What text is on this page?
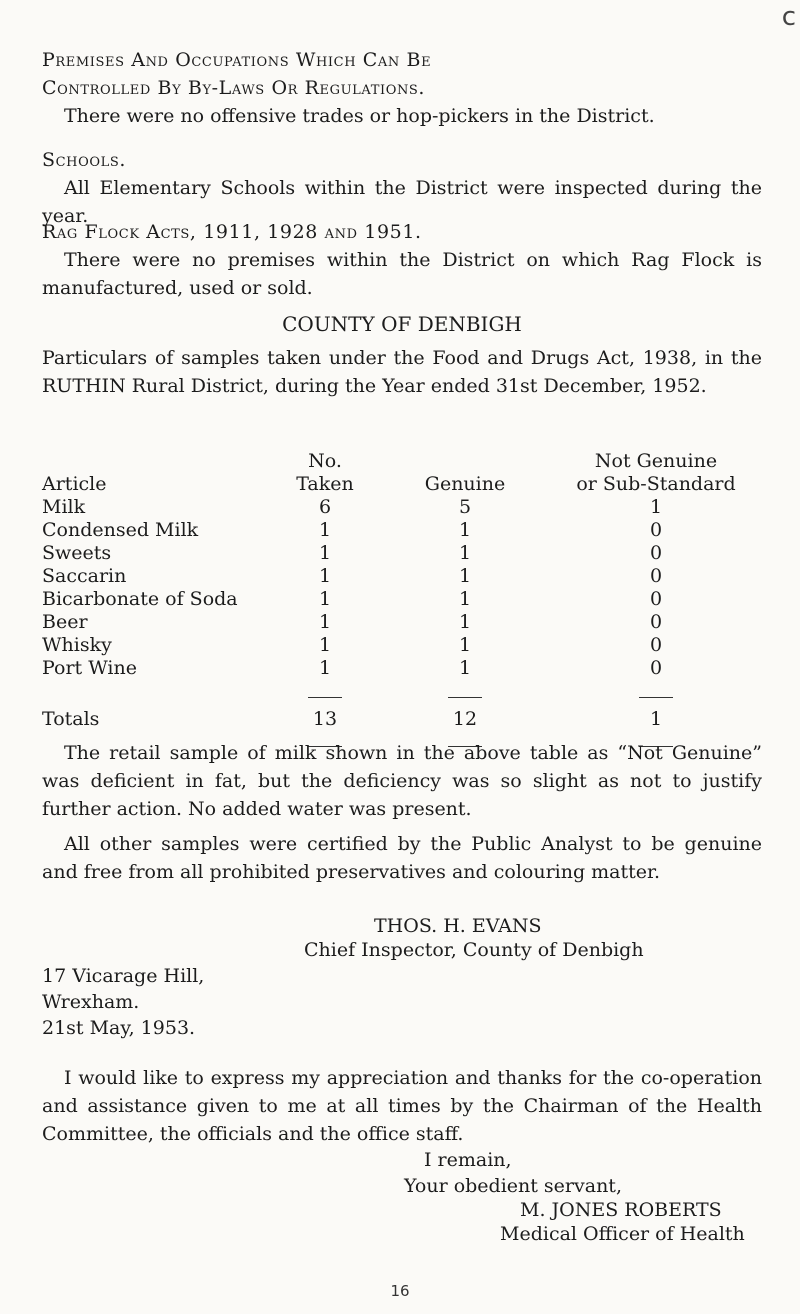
c
Premises And Occupations Which Can Be
Controlled By By-Laws Or Regulations.
There were no offensive trades or hop-pickers in the District.
Schools.
All Elementary Schools within the District were inspected during the year.
Rag Flock Acts, 1911, 1928 and 1951.
There were no premises within the District on which Rag Flock is manufactured, used or sold.
COUNTY OF DENBIGH
Particulars of samples taken under the Food and Drugs Act, 1938, in the RUTHIN Rural District, during the Year ended 31st December, 1952.
	No.		Not Genuine
Article	Taken	Genuine	or Sub-Standard
Milk	6	5	1
Condensed Milk	1	1	0
Sweets	1	1	0
Saccarin	1	1	0
Bicarbonate of Soda	1	1	0
Beer	1	1	0
Whisky	1	1	0
Port Wine	1	1	0

Totals	13	12	1

The retail sample of milk shown in the above table as “Not Genuine” was deficient in fat, but the deficiency was so slight as not to justify further action. No added water was present.
All other samples were certified by the Public Analyst to be genuine and free from all prohibited preservatives and colouring matter.
THOS. H. EVANS
Chief Inspector, County of Denbigh
17 Vicarage Hill,
Wrexham.
21st May, 1953.
I would like to express my appreciation and thanks for the co-operation and assistance given to me at all times by the Chairman of the Health Committee, the officials and the office staff.
I remain,
Your obedient servant,
M. JONES ROBERTS
Medical Officer of Health
16
